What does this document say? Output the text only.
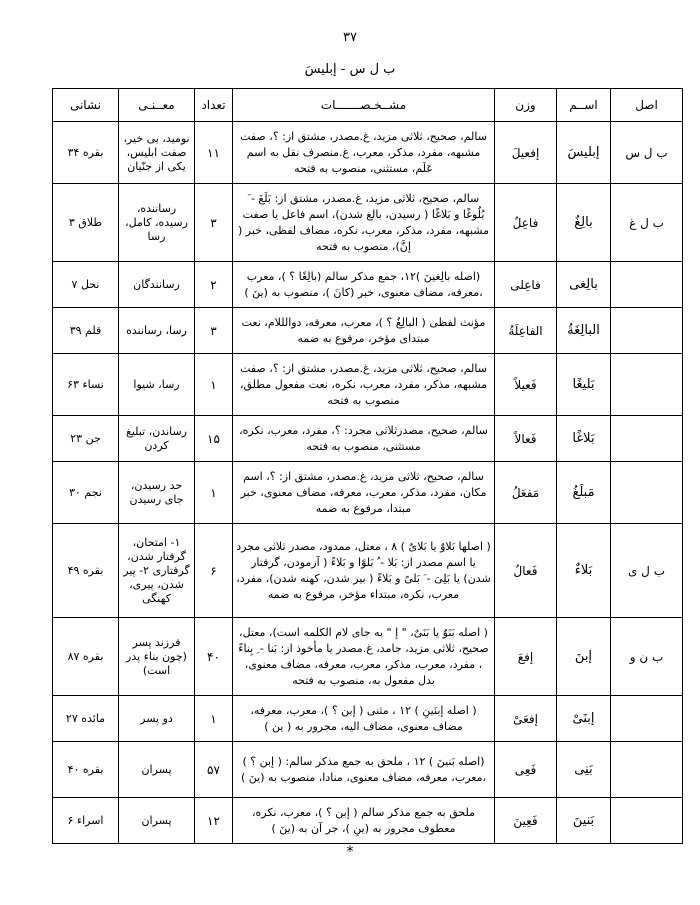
۳۷
ب ل س - إبليسَ
اصل	اســم	وزن	مشــخـصـــــــات	تعداد	معــنـی	نشانی
ب ل س	إبليسَ	إفعيلَ	سالم، صحيح، ثلاثی مزيد، غ.مصدر، مشتق از: ؟، صفت مشبهه، مفرد، مذکر، معرب، غ.منصرف نقل به اسم عَلَم، مستثنی، منصوب به فتحه	۱۱	نومید، بی خیر، صفت ابلیس، یکی از جنّیان	بقره ۳۴
ب ل غ	بالِغٌ	فاعِلٌ	سالم، صحيح، ثلاثی مزيد، غ.مصدر، مشتق از: بَلَغَ - َ بُلُوغًا و بَلاغًا ( رسیدن، بالغ شدن)، اسم فاعل یا صفت مشبهه، مفرد، مذکر، معرب، نکره، مضاف لفظی، خبر ( إنَّ)، منصوب به فتحه	۳	رساننده، رسیده، کامل، رسا	طلاق ۳
	بالِغی	فاعِلی	(اصله بالِغينَ )۱۲، جمع مذکر سالم (بالِغًا ؟ )، معرب ،معرفه، مضاف معنوی، خبر (کانَ )، منصوب به (ينَ )	۲	رسانندگان	نحل ۷
	البالِغَةُ	الفاعِلَةُ	مؤنث لفظی ( البالِغُ ؟ )، معرب، معرفه، دوالللام، نعت مبتدای مؤخر، مرفوع به ضمه	۳	رسا، رساننده	قلم ۳۹
	بَليغًا	فَعيلاً	سالم، صحيح، ثلاثی مزيد، غ.مصدر، مشتق از: ؟، صفت مشبهه، مذکر، مفرد، معرب، نکره، نعت مفعول مطلق، منصوب به فتحه	۱	رسا، شیوا	نساء ۶۳
	بَلاغًا	فَعالاً	سالم، صحيح، مصدرثلاثی مجرد: ؟، مفرد، معرب، نکره، مستثنی، منصوب به فتحه	۱۵	رساندن، تبلیغ کردن	جن ۲۳
	مَبلَغُ	مَفعَلُ	سالم، صحيح، ثلاثی مزيد، غ.مصدر، مشتق از: ؟، اسم مکان، مفرد، مذکر، معرب، معرفه، مضاف معنوی، خبر مبتدا، مرفوع به ضمه	۱	حد رسیدن، جای رسیدن	نجم ۳۰
ب ل ی	بَلاءٌ	فَعالٌ	( اصلها بَلاوٌ یا بَلایٌ ) ۸ ، معتل، ممدود، مصدر ثلاثی مجرد یا اسم مصدر از: بَلا - ُ بَلوًا و بَلاءً ( آزمودن، گرفتار شدن) یا بَلِیَ - َ بَلیً و بَلاءً ( بیر شدن، کهنه شدن)، مفرد، معرب، نکره، مبتداء مؤخر، مرفوع به ضمه	۶	۱- امتحان، گرفتار شدن، گرفتاری ۲- پیر شدن، پیری، کهنگی	بقره ۴۹
ب ن و	إبنَ	إفعَ	( اصله بَنَوٌ یا بَنَیٌ، " إ " به جای لام الکلمه است)، معتل، صحيح، ثلاثی مزيد، جامد، غ.مصدر یا مأخوذ از: بَنا - ِ بِناءً ، مفرد، معرب، مذکر، معرب، معرفه، مضاف معنوی، بدل مفعول به، منصوب به فتحه	۴۰	فرزند پسر (چون بناء پدر است)	بقره ۸۷
	إبنَیْ	إفعَیْ	( اصله إبنَینِ ) ۱۲ ، مثنی ( إبن ؟ )، معرب، معرفه، مضاف معنوی، مضاف الیه، مجرور به ( ین )	۱	دو پسر	مائده ۲۷
	بَنِی	فَعِی	(اصله بَنینَ ) ۱۲ ، ملحق به جمع مذکر سالم: ( إبن ؟ ) ،معرب، معرفه، مضاف معنوی، منادا، منصوب به (ینَ )	۵۷	پسران	بقره ۴۰
	بَنینَ	فَعِینَ	ملحق به جمع مذکر سالم ( إبن ؟ )، معرب، نکره، معطوف مجرور به (ینِ )، جر آن به (ینَ )	۱۲	پسران	اسراء ۶
*
